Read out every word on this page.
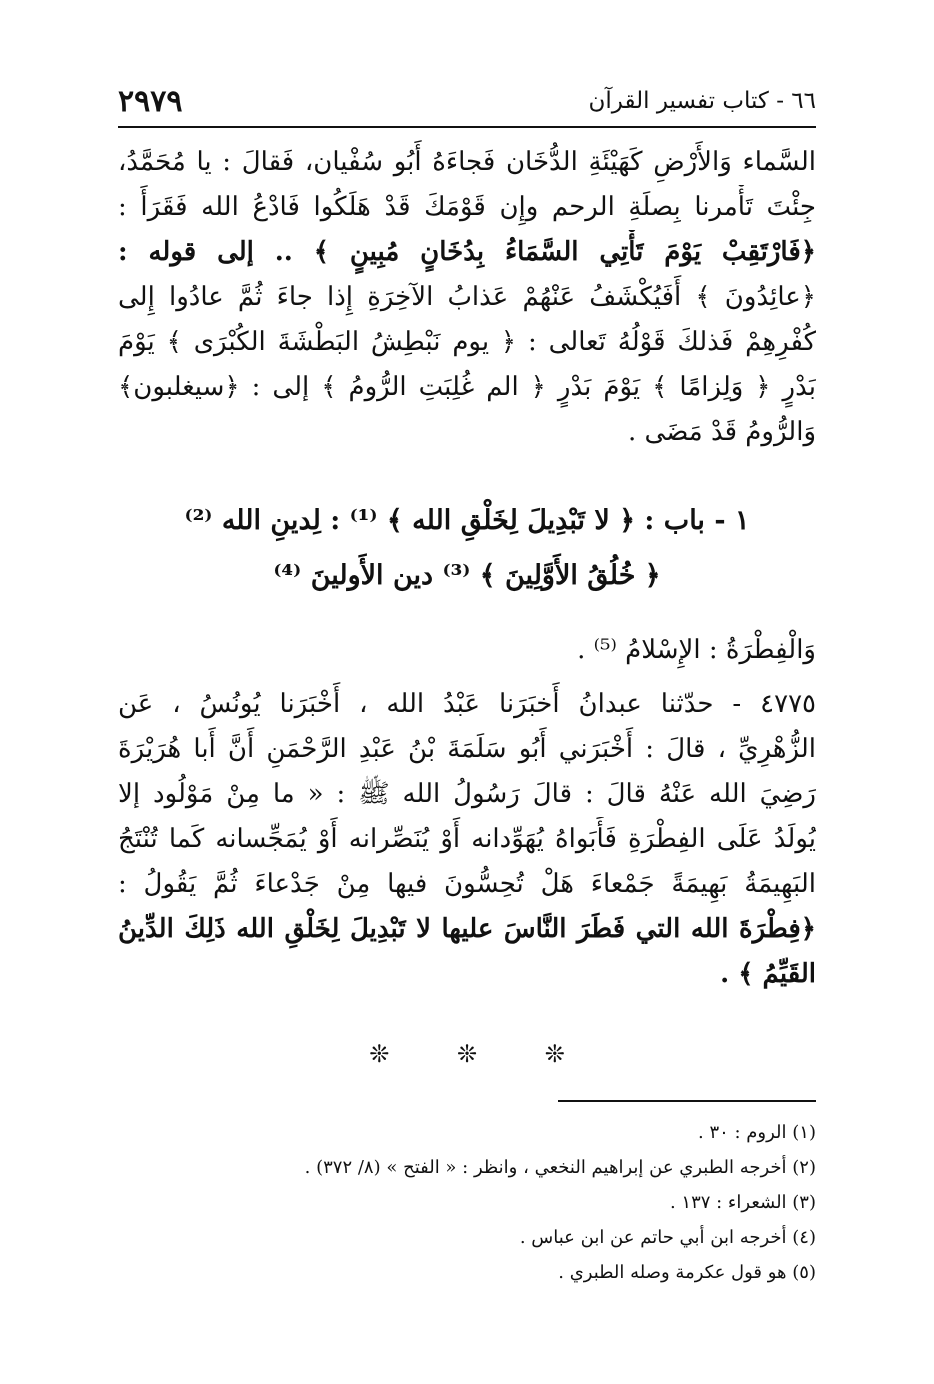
٢٩٧٩	٦٦ - كتاب تفسير القرآن
السَّماء وَالأَرْضِ كَهَيْئَةِ الدُّخَان فَجاءَهُ أَبُو سُفْيان، فَقالَ : يا مُحَمَّدُ،
جِئْتَ تَأْمرنا بِصلَةِ الرحم وإِن قَوْمَكَ قَدْ هَلَكُوا فَادْعُ الله فَقَرَأَ :
﴿فَارْتَقِبْ يَوْمَ تَأْتِي السَّمَاءُ بِدُخَانٍ مُبِينٍ ﴾ .. إلى قوله :
﴿عائِدُونَ ﴾ أَفَيُكْشَفُ عَنْهُمْ عَذابُ الآخِرَةِ إِذا جاءَ ثُمَّ عادُوا إِلى
كُفْرِهِمْ فَذلكَ قَوْلُهُ تَعالى : ﴿ يوم نَبْطِشُ البَطْشَةَ الكُبْرَى ﴾ يَوْمَ
بَدْرٍ ﴿ وَلِزامًا ﴾ يَوْمَ بَدْرٍ ﴿ الم غُلِبَتِ الرُّومُ ﴾ إلى : ﴿سيغلبون﴾
وَالرُّومُ قَدْ مَضَى .
١ - باب : ﴿ لا تَبْدِيلَ لِخَلْقِ الله ﴾ ⁽¹⁾ : لِدينِ الله ⁽²⁾
﴿ خُلُقُ الأَوَّلِينَ ﴾ ⁽³⁾ دين الأَولينَ ⁽⁴⁾
وَالْفِطْرَةُ : الإِسْلامُ ⁽⁵⁾ .
٤٧٧٥ - حدّثنا عبدانُ أَخبَرَنا عَبْدُ الله ، أَخْبَرَنا يُونُسُ ، عَن
الزُّهْرِيِّ ، قالَ : أَخْبَرَني أَبُو سَلَمَةَ بْنُ عَبْدِ الرَّحْمَنِ أَنَّ أَبا هُرَيْرَةَ
رَضِيَ الله عَنْهُ قالَ : قالَ رَسُولُ الله ﷺ : « ما مِنْ مَوْلُود إلا
يُولَدُ عَلَى الفِطْرَةِ فَأَبَواهُ يُهَوِّدانه أَوْ يُنَصِّرانه أَوْ يُمَجِّسانه كَما تُنْتَجُ
البَهِيمَةُ بَهِيمَةً جَمْعاءَ هَلْ تُحِسُّونَ فيها مِنْ جَدْعاءَ ثُمَّ يَقُولُ :
﴿فِطْرَةَ الله التي فَطَرَ النَّاسَ عليها لا تَبْدِيلَ لِخَلْقِ الله ذَلِكَ الدِّينُ
القَيِّمُ ﴾ .
❊	❊	❊
(١) الروم : ٣٠ .
(٢) أخرجه الطبري عن إبراهيم النخعي ، وانظر : « الفتح » (٨/ ٣٧٢) .
(٣) الشعراء : ١٣٧ .
(٤) أخرجه ابن أبي حاتم عن ابن عباس .
(٥) هو قول عكرمة وصله الطبري .
